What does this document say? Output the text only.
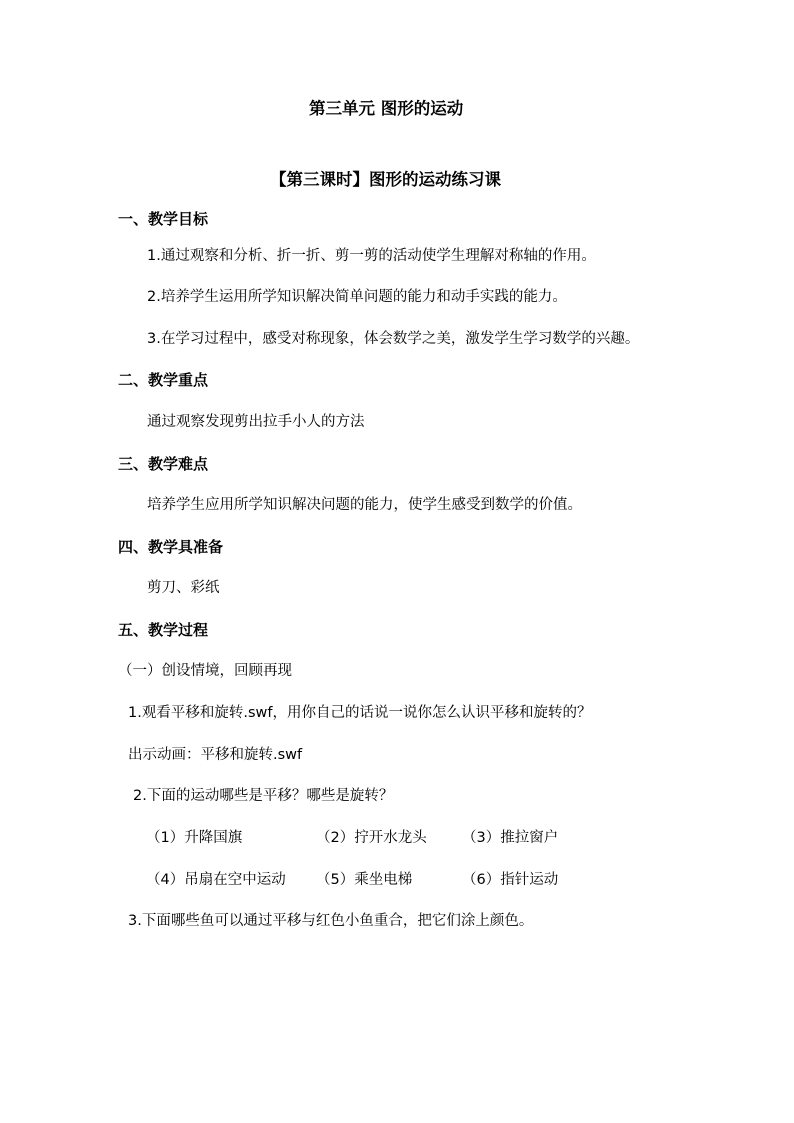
第三单元 图形的运动
【第三课时】图形的运动练习课
一、教学目标
1.通过观察和分析、折一折、剪一剪的活动使学生理解对称轴的作用。
2.培养学生运用所学知识解决简单问题的能力和动手实践的能力。
3.在学习过程中，感受对称现象，体会数学之美，激发学生学习数学的兴趣。
二、教学重点
通过观察发现剪出拉手小人的方法
三、教学难点
培养学生应用所学知识解决问题的能力，使学生感受到数学的价值。
四、教学具准备
剪刀、彩纸
五、教学过程
（一）创设情境，回顾再现
1.观看平移和旋转.swf，用你自己的话说一说你怎么认识平移和旋转的？
出示动画：平移和旋转.swf
2.下面的运动哪些是平移？哪些是旋转？
（1）升降国旗	（2）拧开水龙头 （3）推拉窗户
（4）吊扇在空中运动 （5）乘坐电梯	（6）指针运动
3.下面哪些鱼可以通过平移与红色小鱼重合，把它们涂上颜色。
